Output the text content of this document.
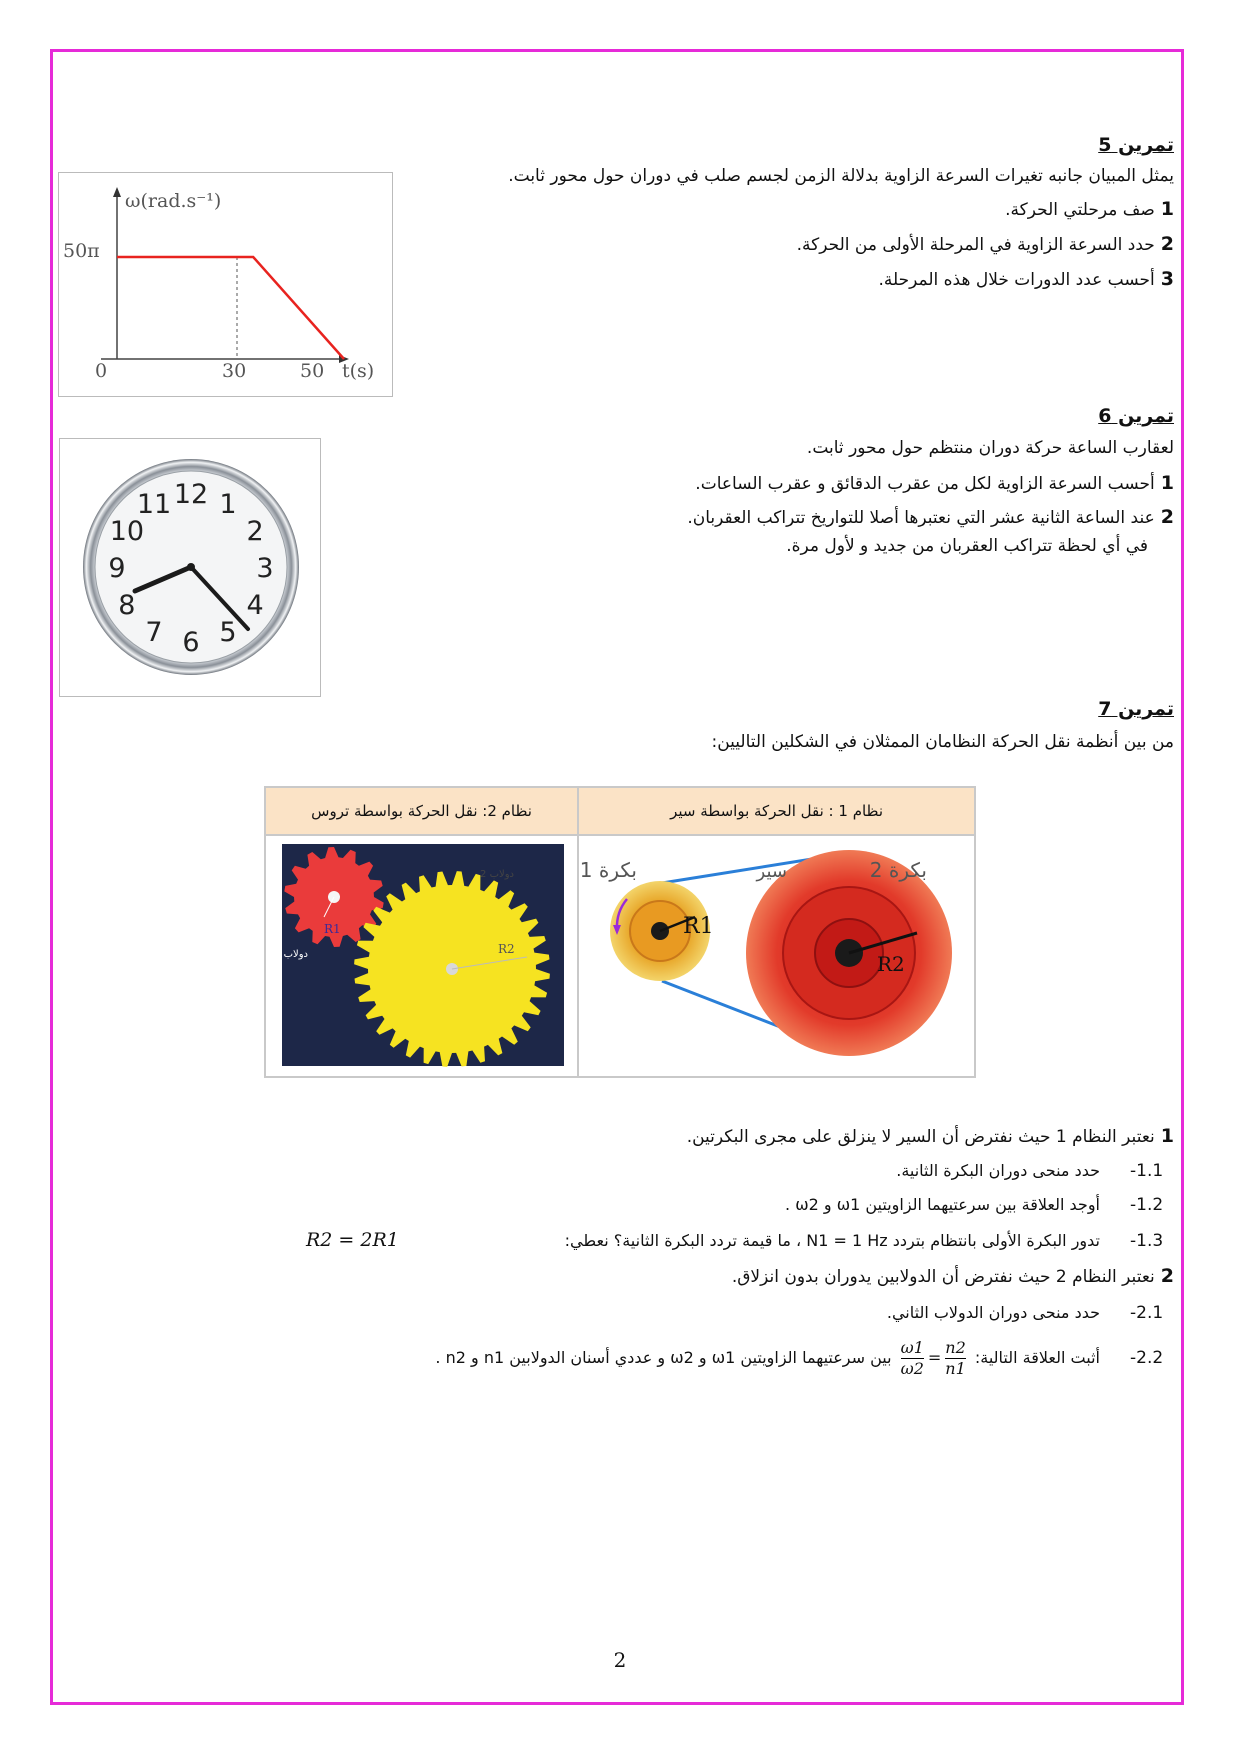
تمرين 5
يمثل المبيان جانبه تغيرات السرعة الزاوية بدلالة الزمن لجسم صلب في دوران حول محور ثابت.
1صف مرحلتي الحركة.
2حدد السرعة الزاوية في المرحلة الأولى من الحركة.
3أحسب عدد الدورات خلال هذه المرحلة.
ω(rad.s⁻¹)
50π
0	30	50 t(s)
تمرين 6
لعقارب الساعة حركة دوران منتظم حول محور ثابت.
1أحسب السرعة الزاوية لكل من عقرب الدقائق و عقرب الساعات.
2عند الساعة الثانية عشر التي نعتبرها أصلا للتواريخ تتراكب العقربان.
في أي لحظة تتراكب العقربان من جديد و لأول مرة.
12 1
2
3
4
5
6
7
8
9
10
11
تمرين 7
من بين أنظمة نقل الحركة النظامان الممثلان في الشكلين التاليين:
نظام 2: نقل الحركة بواسطة تروس	نظام 1 : نقل الحركة بواسطة سير

R1
R2
دولاب 1
دولاب 2	R1
R2
بكرة 1 بكرة 2
سير
1نعتبر النظام 1 حيث نفترض أن السير لا ينزلق على مجرى البكرتين.
1.1-حدد منحى دوران البكرة الثانية.
1.2-أوجد العلاقة بين سرعتيهما الزاويتين ω1 و ω2 .
1.3-تدور البكرة الأولى بانتظام بتردد N1 = 1 Hz ، ما قيمة تردد البكرة الثانية؟ نعطي:
R2 = 2R1
2نعتبر النظام 2 حيث نفترض أن الدولابين يدوران بدون انزلاق.
2.1-حدد منحى دوران الدولاب الثاني.
2.2-أثبت العلاقة التالية:
$\frac{n2}{n1}$
=
$\frac{\omega 1}{\omega 2}$
بين سرعتيهما الزاويتين ω1 و ω2 و عددي أسنان الدولابين n1 و n2 .
2
